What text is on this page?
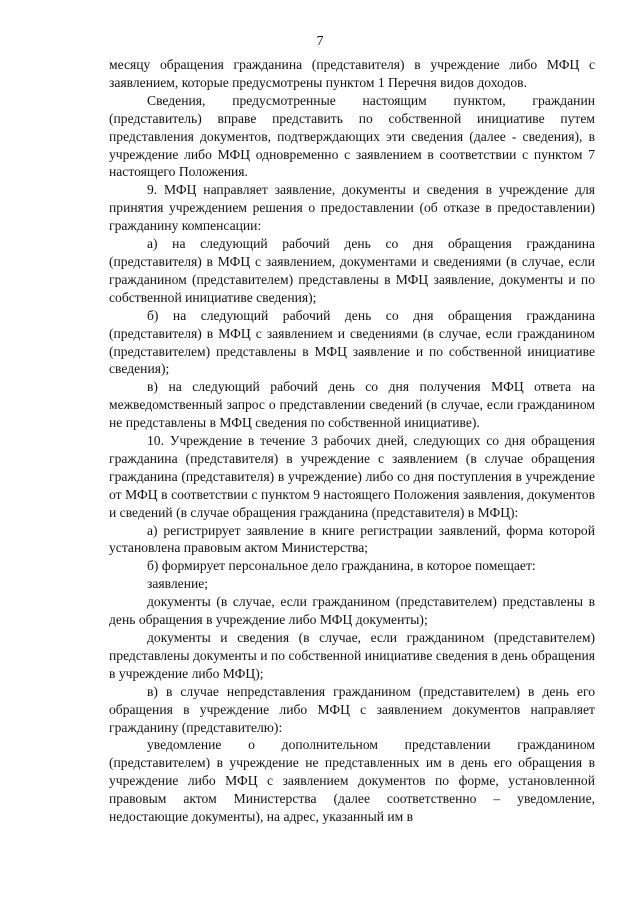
7

месяцу обращения гражданина (представителя) в учреждение либо МФЦ с заявлением, которые предусмотрены пунктом 1 Перечня видов доходов.

Сведения, предусмотренные настоящим пунктом, гражданин (представитель) вправе представить по собственной инициативе путем представления документов, подтверждающих эти сведения (далее - сведения), в учреждение либо МФЦ одновременно с заявлением в соответствии с пунктом 7 настоящего Положения.

9. МФЦ направляет заявление, документы и сведения в учреждение для принятия учреждением решения о предоставлении (об отказе в предоставлении) гражданину компенсации:

а) на следующий рабочий день со дня обращения гражданина (представителя) в МФЦ с заявлением, документами и сведениями (в случае, если гражданином (представителем) представлены в МФЦ заявление, документы и по собственной инициативе сведения);

б) на следующий рабочий день со дня обращения гражданина (представителя) в МФЦ с заявлением и сведениями (в случае, если гражданином (представителем) представлены в МФЦ заявление и по собственной инициативе сведения);

в) на следующий рабочий день со дня получения МФЦ ответа на межведомственный запрос о представлении сведений (в случае, если гражданином не представлены в МФЦ сведения по собственной инициативе).

10. Учреждение в течение 3 рабочих дней, следующих со дня обращения гражданина (представителя) в учреждение с заявлением (в случае обращения гражданина (представителя) в учреждение) либо со дня поступления в учреждение от МФЦ в соответствии с пунктом 9 настоящего Положения заявления, документов и сведений (в случае обращения гражданина (представителя) в МФЦ):

а) регистрирует заявление в книге регистрации заявлений, форма которой установлена правовым актом Министерства;

б) формирует персональное дело гражданина, в которое помещает:

заявление;

документы (в случае, если гражданином (представителем) представлены в день обращения в учреждение либо МФЦ документы);

документы и сведения (в случае, если гражданином (представителем) представлены документы и по собственной инициативе сведения в день обращения в учреждение либо МФЦ);

в) в случае непредставления гражданином (представителем) в день его обращения в учреждение либо МФЦ с заявлением документов направляет гражданину (представителю):

уведомление о дополнительном представлении гражданином (представителем) в учреждение не представленных им в день его обращения в учреждение либо МФЦ с заявлением документов по форме, установленной правовым актом Министерства (далее соответственно – уведомление, недостающие документы), на адрес, указанный им в
